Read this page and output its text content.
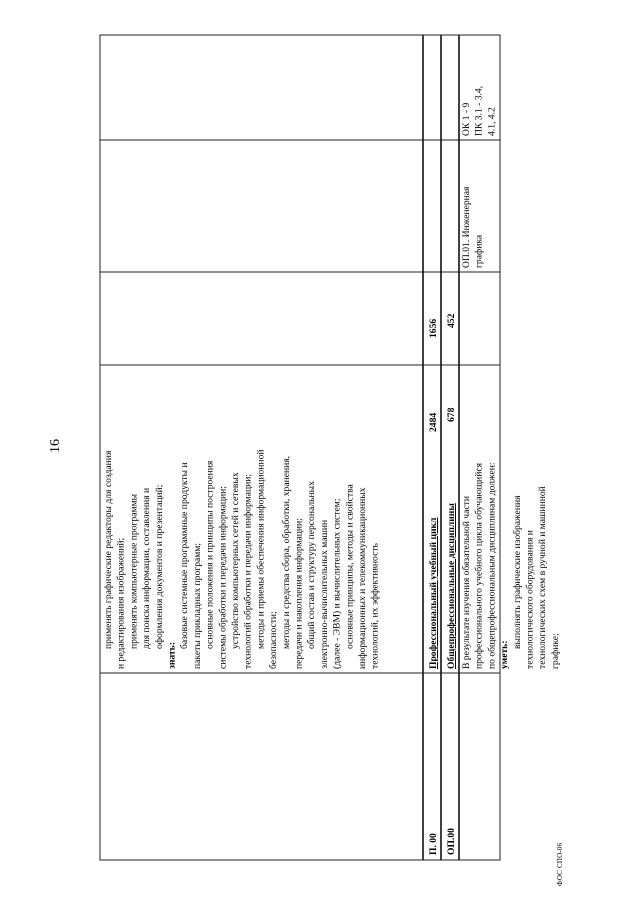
16
ФОС СПО-06
применять графические редакторы для создания и редактирования изображений; применять компьютерные программы для поиска информации, составления и оформления документов и презентаций; знать: базовые системные программные продукты и пакеты прикладных программ; основные положения и принципы построения системы обработки и передачи информации; устройство компьютерных сетей и сетевых технологий обработки и передачи информации; методы и приемы обеспечения информационной безопасности; методы и средства сбора, обработки, хранения, передачи и накопления информации; общий состав и структуру персональных электронно-вычислительных машин (далее - ЭВМ) и вычислительных систем; основные принципы, методы и свойства информационных и телекоммуникационных технологий, их эффективность
П. 00
Профессиональный учебный цикл
2484
1656
ОП.00
Общепрофессиональные дисциплины
678
452
В результате изучения обязательной части профессионального учебного цикла обучающийся по общепрофессиональным дисциплинам должен: уметь: выполнять графические изображения технологического оборудования и технологических схем в ручной и машинной графике;
ОП.01. Инженерная графика
ОК 1 - 9 ПК 3.1 - 3.4, 4.1, 4.2
